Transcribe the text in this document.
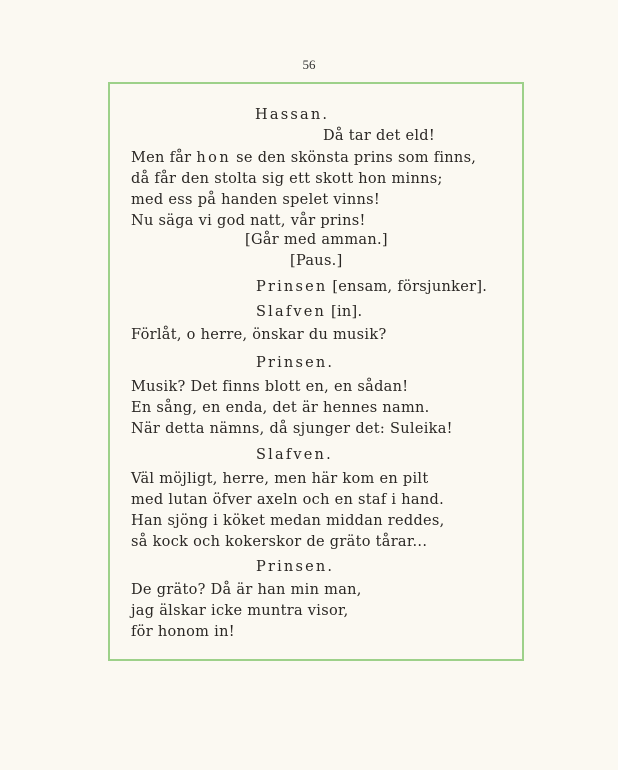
56
Hassan.
Då tar det eld!
Men får hon se den skönsta prins som finns,
då får den stolta sig ett skott hon minns;
med ess på handen spelet vinns!
Nu säga vi god natt, vår prins!
[Går med amman.]
[Paus.]
Prinsen [ensam, försjunker].
Slafven [in].
Förlåt, o herre, önskar du musik?
Prinsen.
Musik? Det finns blott en, en sådan!
En sång, en enda, det är hennes namn.
När detta nämns, då sjunger det: Suleika!
Slafven.
Väl möjligt, herre, men här kom en pilt
med lutan öfver axeln och en staf i hand.
Han sjöng i köket medan middan reddes,
så kock och kokerskor de gräto tårar...
Prinsen.
De gräto? Då är han min man,
jag älskar icke muntra visor,
för honom in!
